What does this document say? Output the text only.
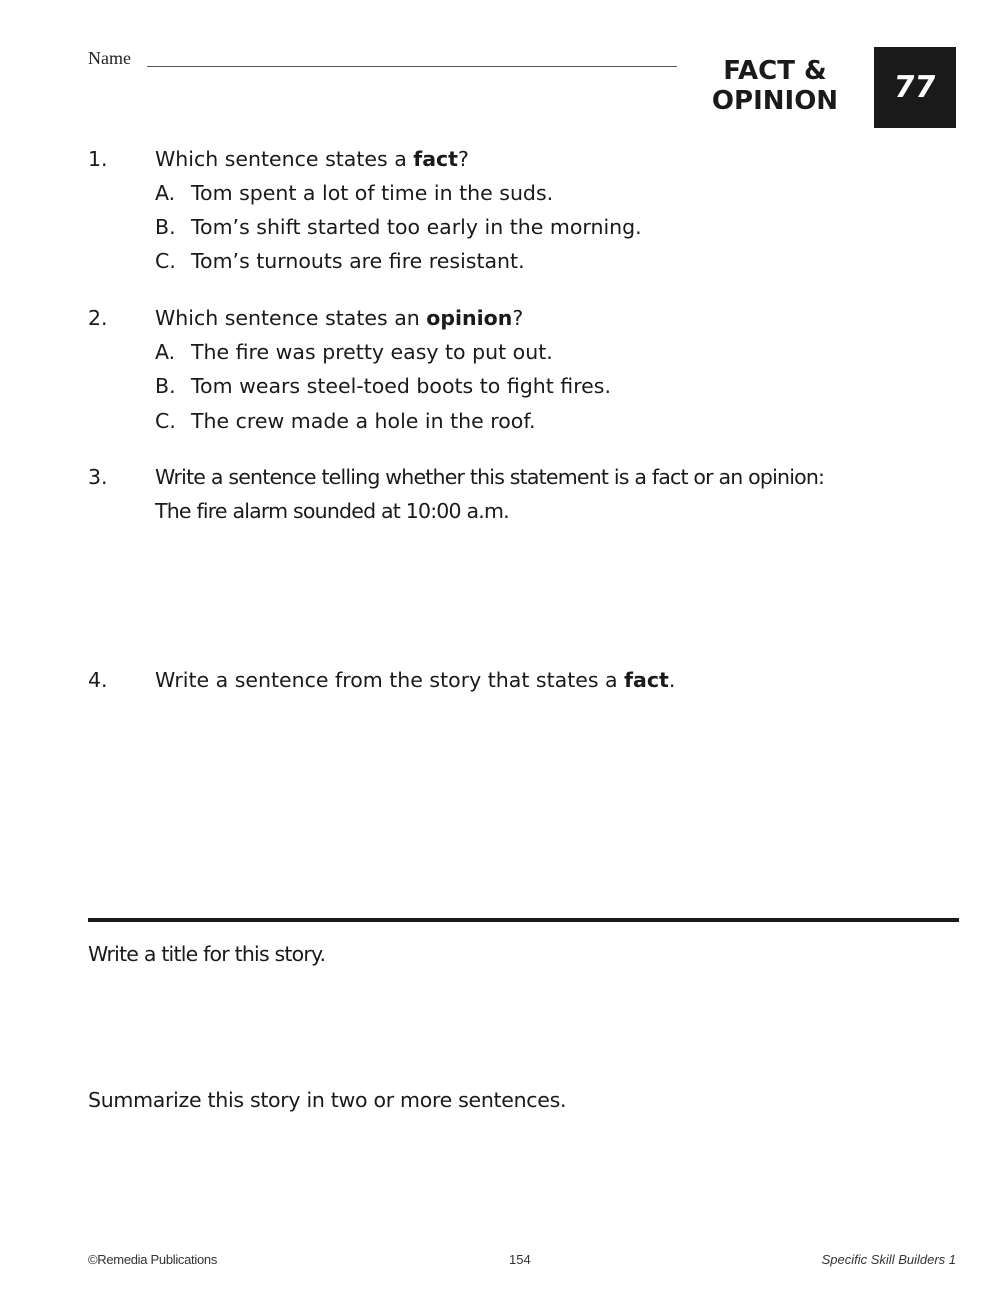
Name	FACT &
OPINION	77
1. Which sentence states a fact?
A. Tom spent a lot of time in the suds.
B. Tom’s shift started too early in the morning.
C. Tom’s turnouts are fire resistant.
2. Which sentence states an opinion?
A. The fire was pretty easy to put out.
B. Tom wears steel-toed boots to fight fires.
C. The crew made a hole in the roof.
3. Write a sentence telling whether this statement is a fact or an opinion:
The fire alarm sounded at 10:00 a.m.
4. Write a sentence from the story that states a fact.
Write a title for this story.
Summarize this story in two or more sentences.
©Remedia Publications	154	Specific Skill Builders 1
